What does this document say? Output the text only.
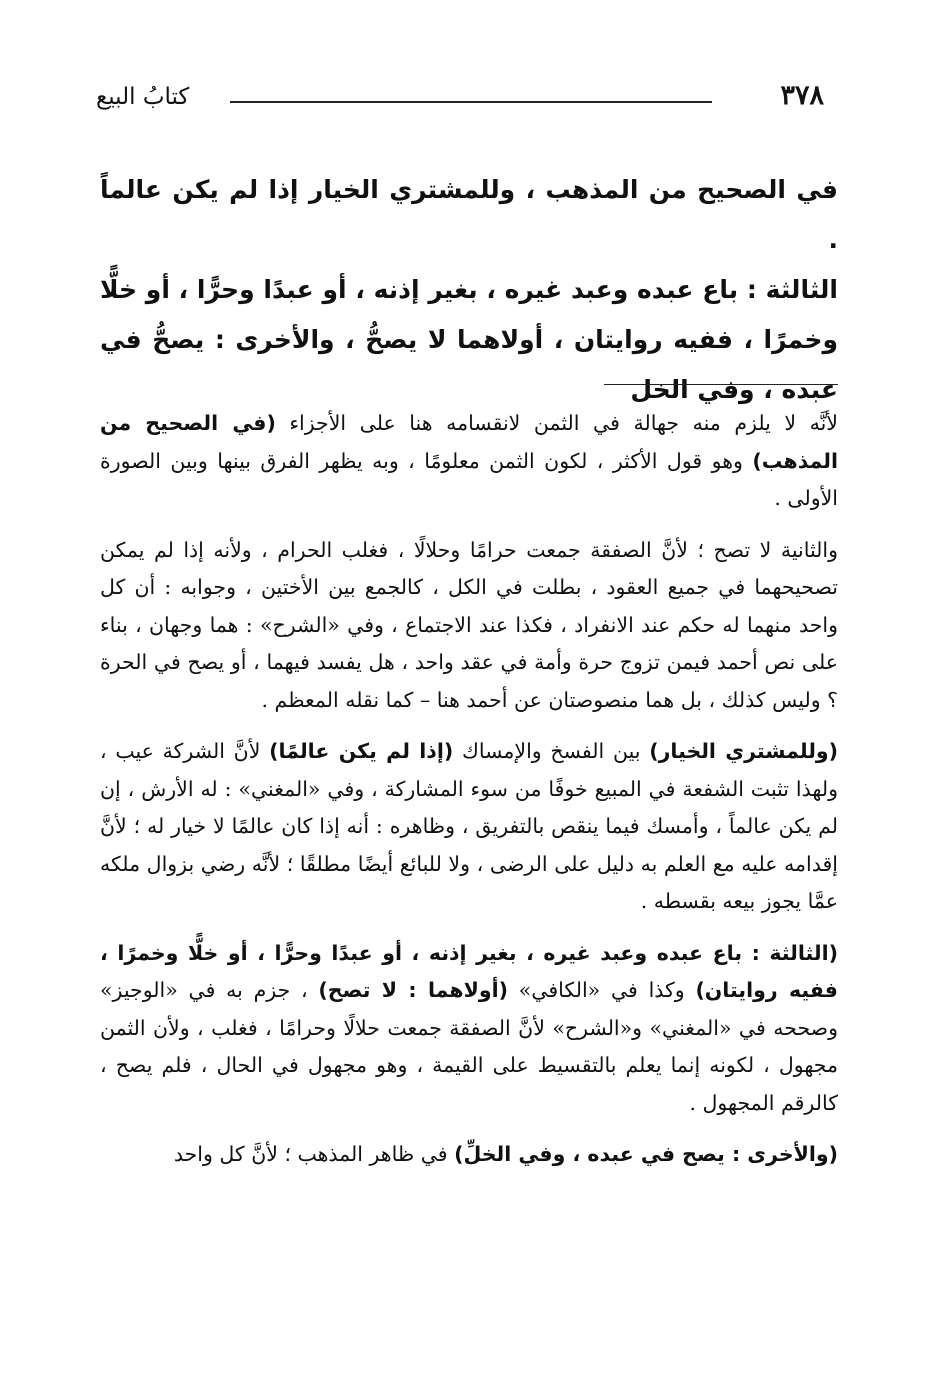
٣٧٨
كتابُ البيع

في الصحيح من المذهب ، وللمشتري الخيار إذا لم يكن عالماً .

الثالثة : باع عبده وعبد غيره ، بغير إذنه ، أو عبدًا وحرًّا ، أو خلًّا وخمرًا ، ففيه روايتان ، أولاهما لا يصحُّ ، والأخرى : يصحُّ في عبده ، وفي الخل

لأنَّه لا يلزم منه جهالة في الثمن لانقسامه هنا على الأجزاء (في الصحيح من المذهب) وهو قول الأكثر ، لكون الثمن معلومًا ، وبه يظهر الفرق بينها وبين الصورة الأولى .

والثانية لا تصح ؛ لأنَّ الصفقة جمعت حرامًا وحلالًا ، فغلب الحرام ، ولأنه إذا لم يمكن تصحيحهما في جميع العقود ، بطلت في الكل ، كالجمع بين الأختين ، وجوابه : أن كل واحد منهما له حكم عند الانفراد ، فكذا عند الاجتماع ، وفي «الشرح» : هما وجهان ، بناء على نص أحمد فيمن تزوج حرة وأمة في عقد واحد ، هل يفسد فيهما ، أو يصح في الحرة ؟ وليس كذلك ، بل هما منصوصتان عن أحمد هنا – كما نقله المعظم .

(وللمشتري الخيار) بين الفسخ والإمساك (إذا لم يكن عالمًا) لأنَّ الشركة عيب ، ولهذا تثبت الشفعة في المبيع خوفًا من سوء المشاركة ، وفي «المغني» : له الأرش ، إن لم يكن عالماً ، وأمسك فيما ينقص بالتفريق ، وظاهره : أنه إذا كان عالمًا لا خيار له ؛ لأنَّ إقدامه عليه مع العلم به دليل على الرضى ، ولا للبائع أيضًا مطلقًا ؛ لأنَّه رضي بزوال ملكه عمَّا يجوز بيعه بقسطه .

(الثالثة : باع عبده وعبد غيره ، بغير إذنه ، أو عبدًا وحرًّا ، أو خلًّا وخمرًا ، ففيه روايتان) وكذا في «الكافي» (أولاهما : لا تصح) ، جزم به في «الوجيز» وصححه في «المغني» و«الشرح» لأنَّ الصفقة جمعت حلالًا وحرامًا ، فغلب ، ولأن الثمن مجهول ، لكونه إنما يعلم بالتقسيط على القيمة ، وهو مجهول في الحال ، فلم يصح ، كالرقم المجهول .

(والأخرى : يصح في عبده ، وفي الخلِّ) في ظاهر المذهب ؛ لأنَّ كل واحد
